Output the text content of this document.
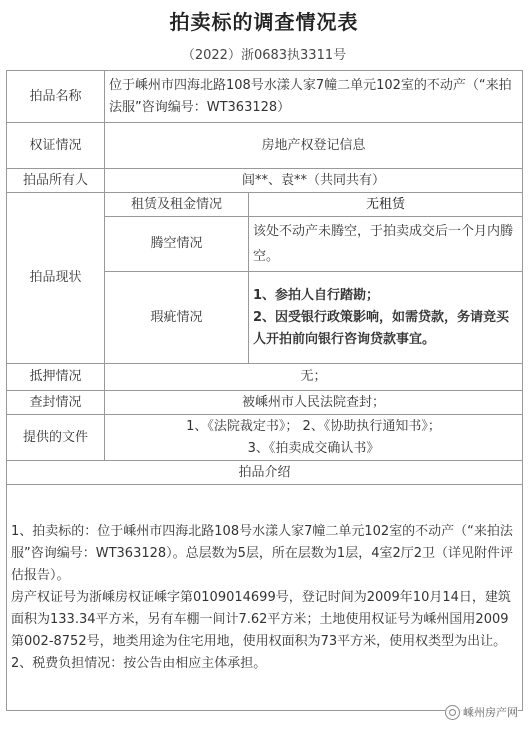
拍卖标的调查情况表
（2022）浙0683执3311号
拍品名称	位于嵊州市四海北路108号水漾人家7幢二单元102室的不动产（“来拍法服”咨询编号：WT363128）	
权证情况	房地产权登记信息	
拍品所有人	闾**、袁**（共同共有）	
拍品现状	租赁及租金情况	无租赁
	腾空情况	该处不动产未腾空，于拍卖成交后一个月内腾空。
	瑕疵情况	1、参拍人自行踏勘；
2、因受银行政策影响，如需贷款，务请竞买人开拍前向银行咨询贷款事宜。

抵押情况	无；	
查封情况	被嵊州市人民法院查封；	
提供的文件	1、《法院裁定书》； 2、《协助执行通知书》；
3、《拍卖成交确认书》	

拍品介绍		

1、拍卖标的：位于嵊州市四海北路108号水漾人家7幢二单元102室的不动产（“来拍法服”咨询编号：WT363128）。总层数为5层，所在层数为1层，4室2厅2卫（详见附件评估报告）。
房产权证号为浙嵊房权证嵊字第0109014699号，登记时间为2009年10月14日，建筑面积为133.34平方米，另有车棚一间计7.62平方米；土地使用权证号为嵊州国用2009第002-8752号，地类用途为住宅用地，使用权面积为73平方米，使用权类型为出让。
2、税费负担情况：按公告由相应主体承担。		
嵊州房产网
